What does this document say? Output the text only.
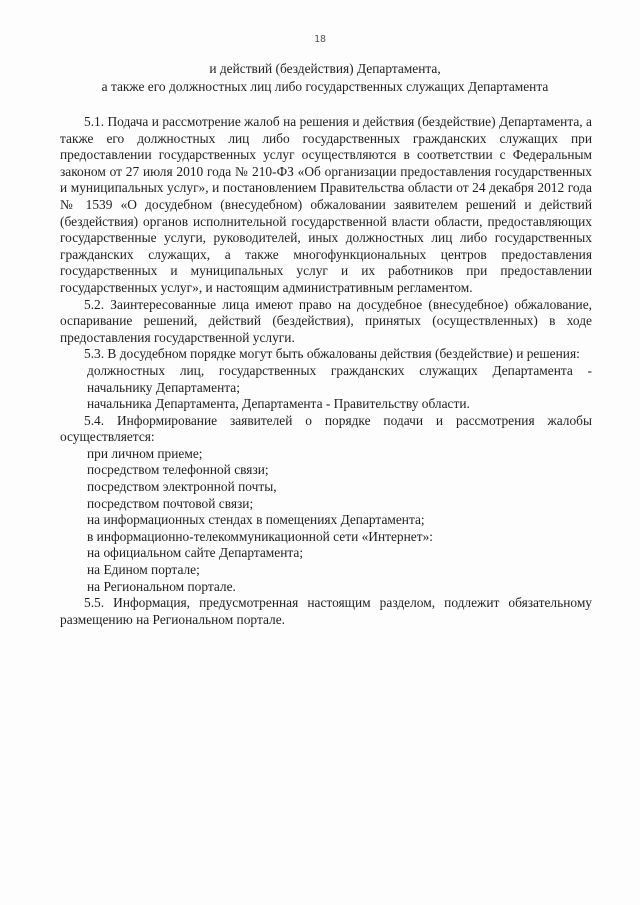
18
и действий (бездействия) Департамента,
а также его должностных лиц либо государственных служащих Департамента

5.1. Подача и рассмотрение жалоб на решения и действия (бездействие) Департамента, а также его должностных лиц либо государственных гражданских служащих при предоставлении государственных услуг осуществляются в соответствии с Федеральным законом от 27 июля 2010 года № 210-ФЗ «Об организации предоставления государственных и муниципальных услуг», и постановлением Правительства области от 24 декабря 2012 года № 1539 «О досудебном (внесудебном) обжаловании заявителем решений и действий (бездействия) органов исполнительной государственной власти области, предоставляющих государственные услуги, руководителей, иных должностных лиц либо государственных гражданских служащих, а также многофункциональных центров предоставления государственных и муниципальных услуг и их работников при предоставлении государственных услуг», и настоящим административным регламентом.

5.2. Заинтересованные лица имеют право на досудебное (внесудебное) обжалование, оспаривание решений, действий (бездействия), принятых (осуществленных) в ходе предоставления государственной услуги.

5.3. В досудебном порядке могут быть обжалованы действия (бездействие) и решения:

должностных лиц, государственных гражданских служащих Департамента - начальнику Департамента;

начальника Департамента, Департамента - Правительству области.

5.4. Информирование заявителей о порядке подачи и рассмотрения жалобы осуществляется:

при личном приеме;
посредством телефонной связи;
посредством электронной почты,
посредством почтовой связи;
на информационных стендах в помещениях Департамента;
в информационно-телекоммуникационной сети «Интернет»:
на официальном сайте Департамента;
на Едином портале;
на Региональном портале.

5.5. Информация, предусмотренная настоящим разделом, подлежит обязательному размещению на Региональном портале.
